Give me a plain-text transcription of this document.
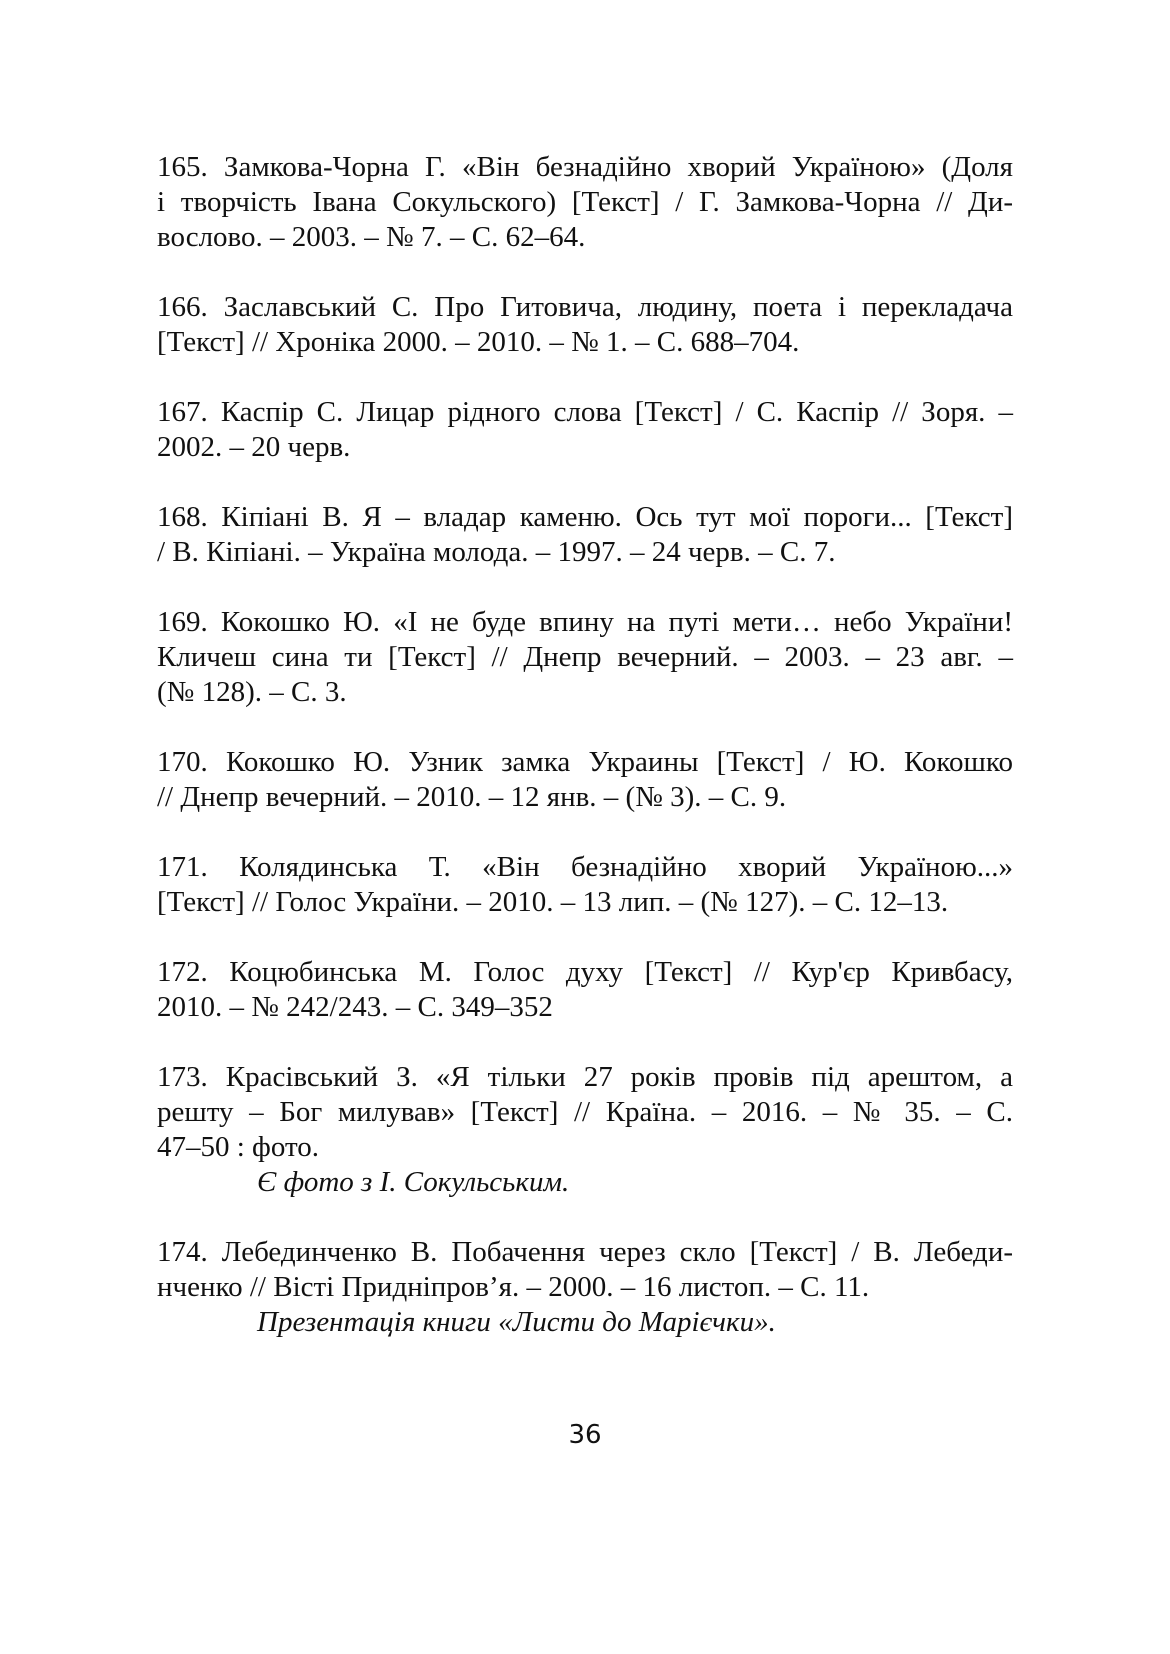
165. Замкова-Чорна Г. «Він безнадійно хворий Україною» (Доля
і творчість Івана Сокульского) [Текст] / Г. Замкова-Чорна // Ди-
вослово. – 2003. – № 7. – С. 62–64.
166. Заславський С. Про Гитовича, людину, поета і перекладача
[Текст] // Хроніка 2000. – 2010. – № 1. – С. 688–704.
167. Каспір С. Лицар рідного слова [Текст] / С. Каспір // Зоря. –
2002. – 20 черв.
168. Кіпіані В. Я – владар каменю. Ось тут мої пороги... [Текст]
/ В. Кіпіані. – Україна молода. – 1997. – 24 черв. – С. 7.
169. Кокошко Ю. «І не буде впину на путі мети… небо України!
Кличеш сина ти [Текст] // Днепр вечерний. – 2003. – 23 авг. –
(№ 128). – С. 3.
170. Кокошко Ю. Узник замка Украины [Текст] / Ю. Кокошко
// Днепр вечерний. – 2010. – 12 янв. – (№ 3). – С. 9.
171. Колядинська Т. «Він безнадійно хворий Україною...»
[Текст] // Голос України. – 2010. – 13 лип. – (№ 127). – С. 12–13.
172. Коцюбинська М. Голос духу [Текст] // Кур'єр Кривбасу,
2010. – № 242/243. – С. 349–352
173. Красівський З. «Я тільки 27 років провів під арештом, а
решту – Бог милував» [Текст] // Країна. – 2016. – № 35. – С.
47–50 : фото.
Є фото з І. Сокульським.
174. Лебединченко В. Побачення через скло [Текст] / В. Лебеди-
нченко // Вісті Придніпров’я. – 2000. – 16 листоп. – С. 11.
Презентація книги «Листи до Марієчки».
36
